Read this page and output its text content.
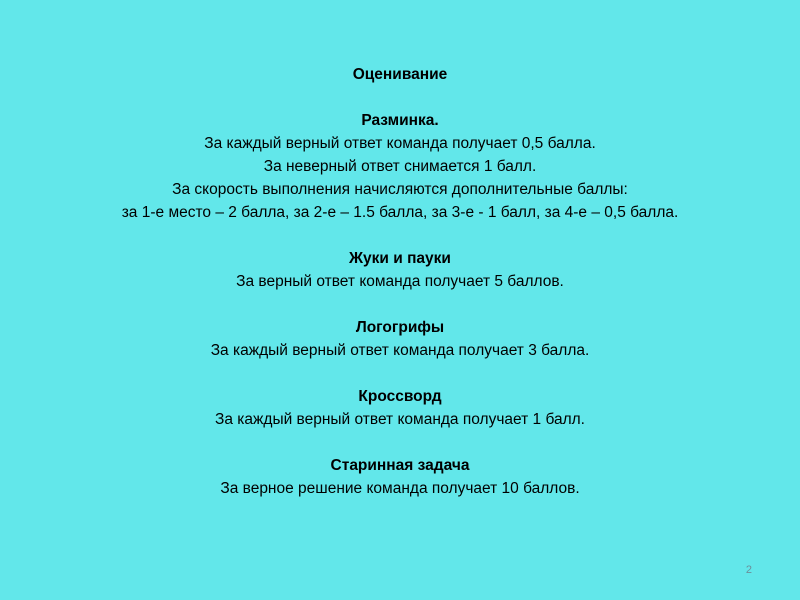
Оценивание
Разминка.
За каждый верный ответ команда получает 0,5 балла.
За неверный ответ снимается 1 балл.
За скорость выполнения начисляются дополнительные баллы:
за 1-е место – 2 балла, за 2-е – 1.5 балла, за 3-е - 1 балл, за 4-е – 0,5 балла.
Жуки и пауки
За верный ответ команда получает 5 баллов.
Логогрифы
За каждый верный ответ команда получает 3 балла.
Кроссворд
За каждый верный ответ команда получает 1 балл.
Старинная задача
За верное решение команда получает 10 баллов.
2
